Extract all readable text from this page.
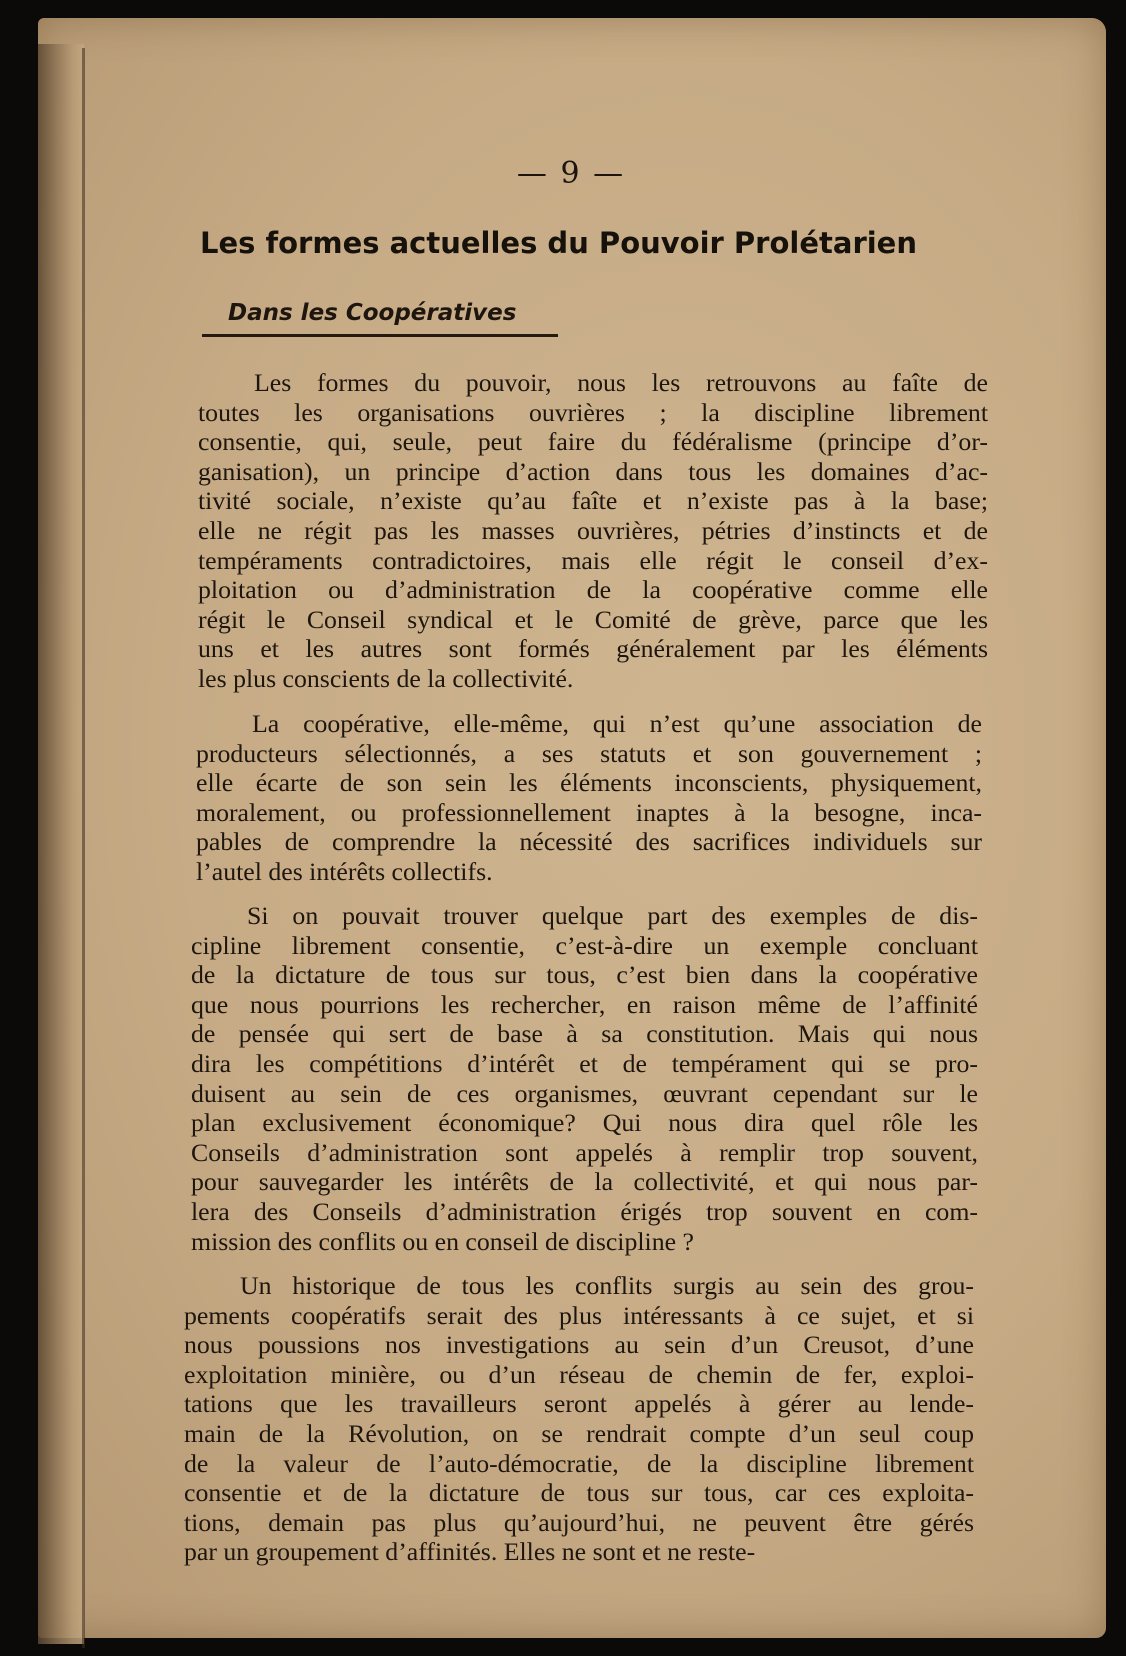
— 9 —

Les formes actuelles du Pouvoir Prolétarien
Dans les Coopératives
Les formes du pouvoir, nous les retrouvons au faîte de
toutes les organisations ouvrières ; la discipline librement
consentie, qui, seule, peut faire du fédéralisme (principe d’or-
ganisation), un principe d’action dans tous les domaines d’ac-
tivité sociale, n’existe qu’au faîte et n’existe pas à la base;
elle ne régit pas les masses ouvrières, pétries d’instincts et de
tempéraments contradictoires, mais elle régit le conseil d’ex-
ploitation ou d’administration de la coopérative comme elle
régit le Conseil syndical et le Comité de grève, parce que les
uns et les autres sont formés généralement par les éléments
les plus conscients de la collectivité.
La coopérative, elle-même, qui n’est qu’une association de
producteurs sélectionnés, a ses statuts et son gouvernement ;
elle écarte de son sein les éléments inconscients, physiquement,
moralement, ou professionnellement inaptes à la besogne, inca-
pables de comprendre la nécessité des sacrifices individuels sur
l’autel des intérêts collectifs.
Si on pouvait trouver quelque part des exemples de dis-
cipline librement consentie, c’est-à-dire un exemple concluant
de la dictature de tous sur tous, c’est bien dans la coopérative
que nous pourrions les rechercher, en raison même de l’affinité
de pensée qui sert de base à sa constitution. Mais qui nous
dira les compétitions d’intérêt et de tempérament qui se pro-
duisent au sein de ces organismes, œuvrant cependant sur le
plan exclusivement économique? Qui nous dira quel rôle les
Conseils d’administration sont appelés à remplir trop souvent,
pour sauvegarder les intérêts de la collectivité, et qui nous par-
lera des Conseils d’administration érigés trop souvent en com-
mission des conflits ou en conseil de discipline ?
Un historique de tous les conflits surgis au sein des grou-
pements coopératifs serait des plus intéressants à ce sujet, et si
nous poussions nos investigations au sein d’un Creusot, d’une
exploitation minière, ou d’un réseau de chemin de fer, exploi-
tations que les travailleurs seront appelés à gérer au lende-
main de la Révolution, on se rendrait compte d’un seul coup
de la valeur de l’auto-démocratie, de la discipline librement
consentie et de la dictature de tous sur tous, car ces exploita-
tions, demain pas plus qu’aujourd’hui, ne peuvent être gérés
par un groupement d’affinités. Elles ne sont et ne reste-
